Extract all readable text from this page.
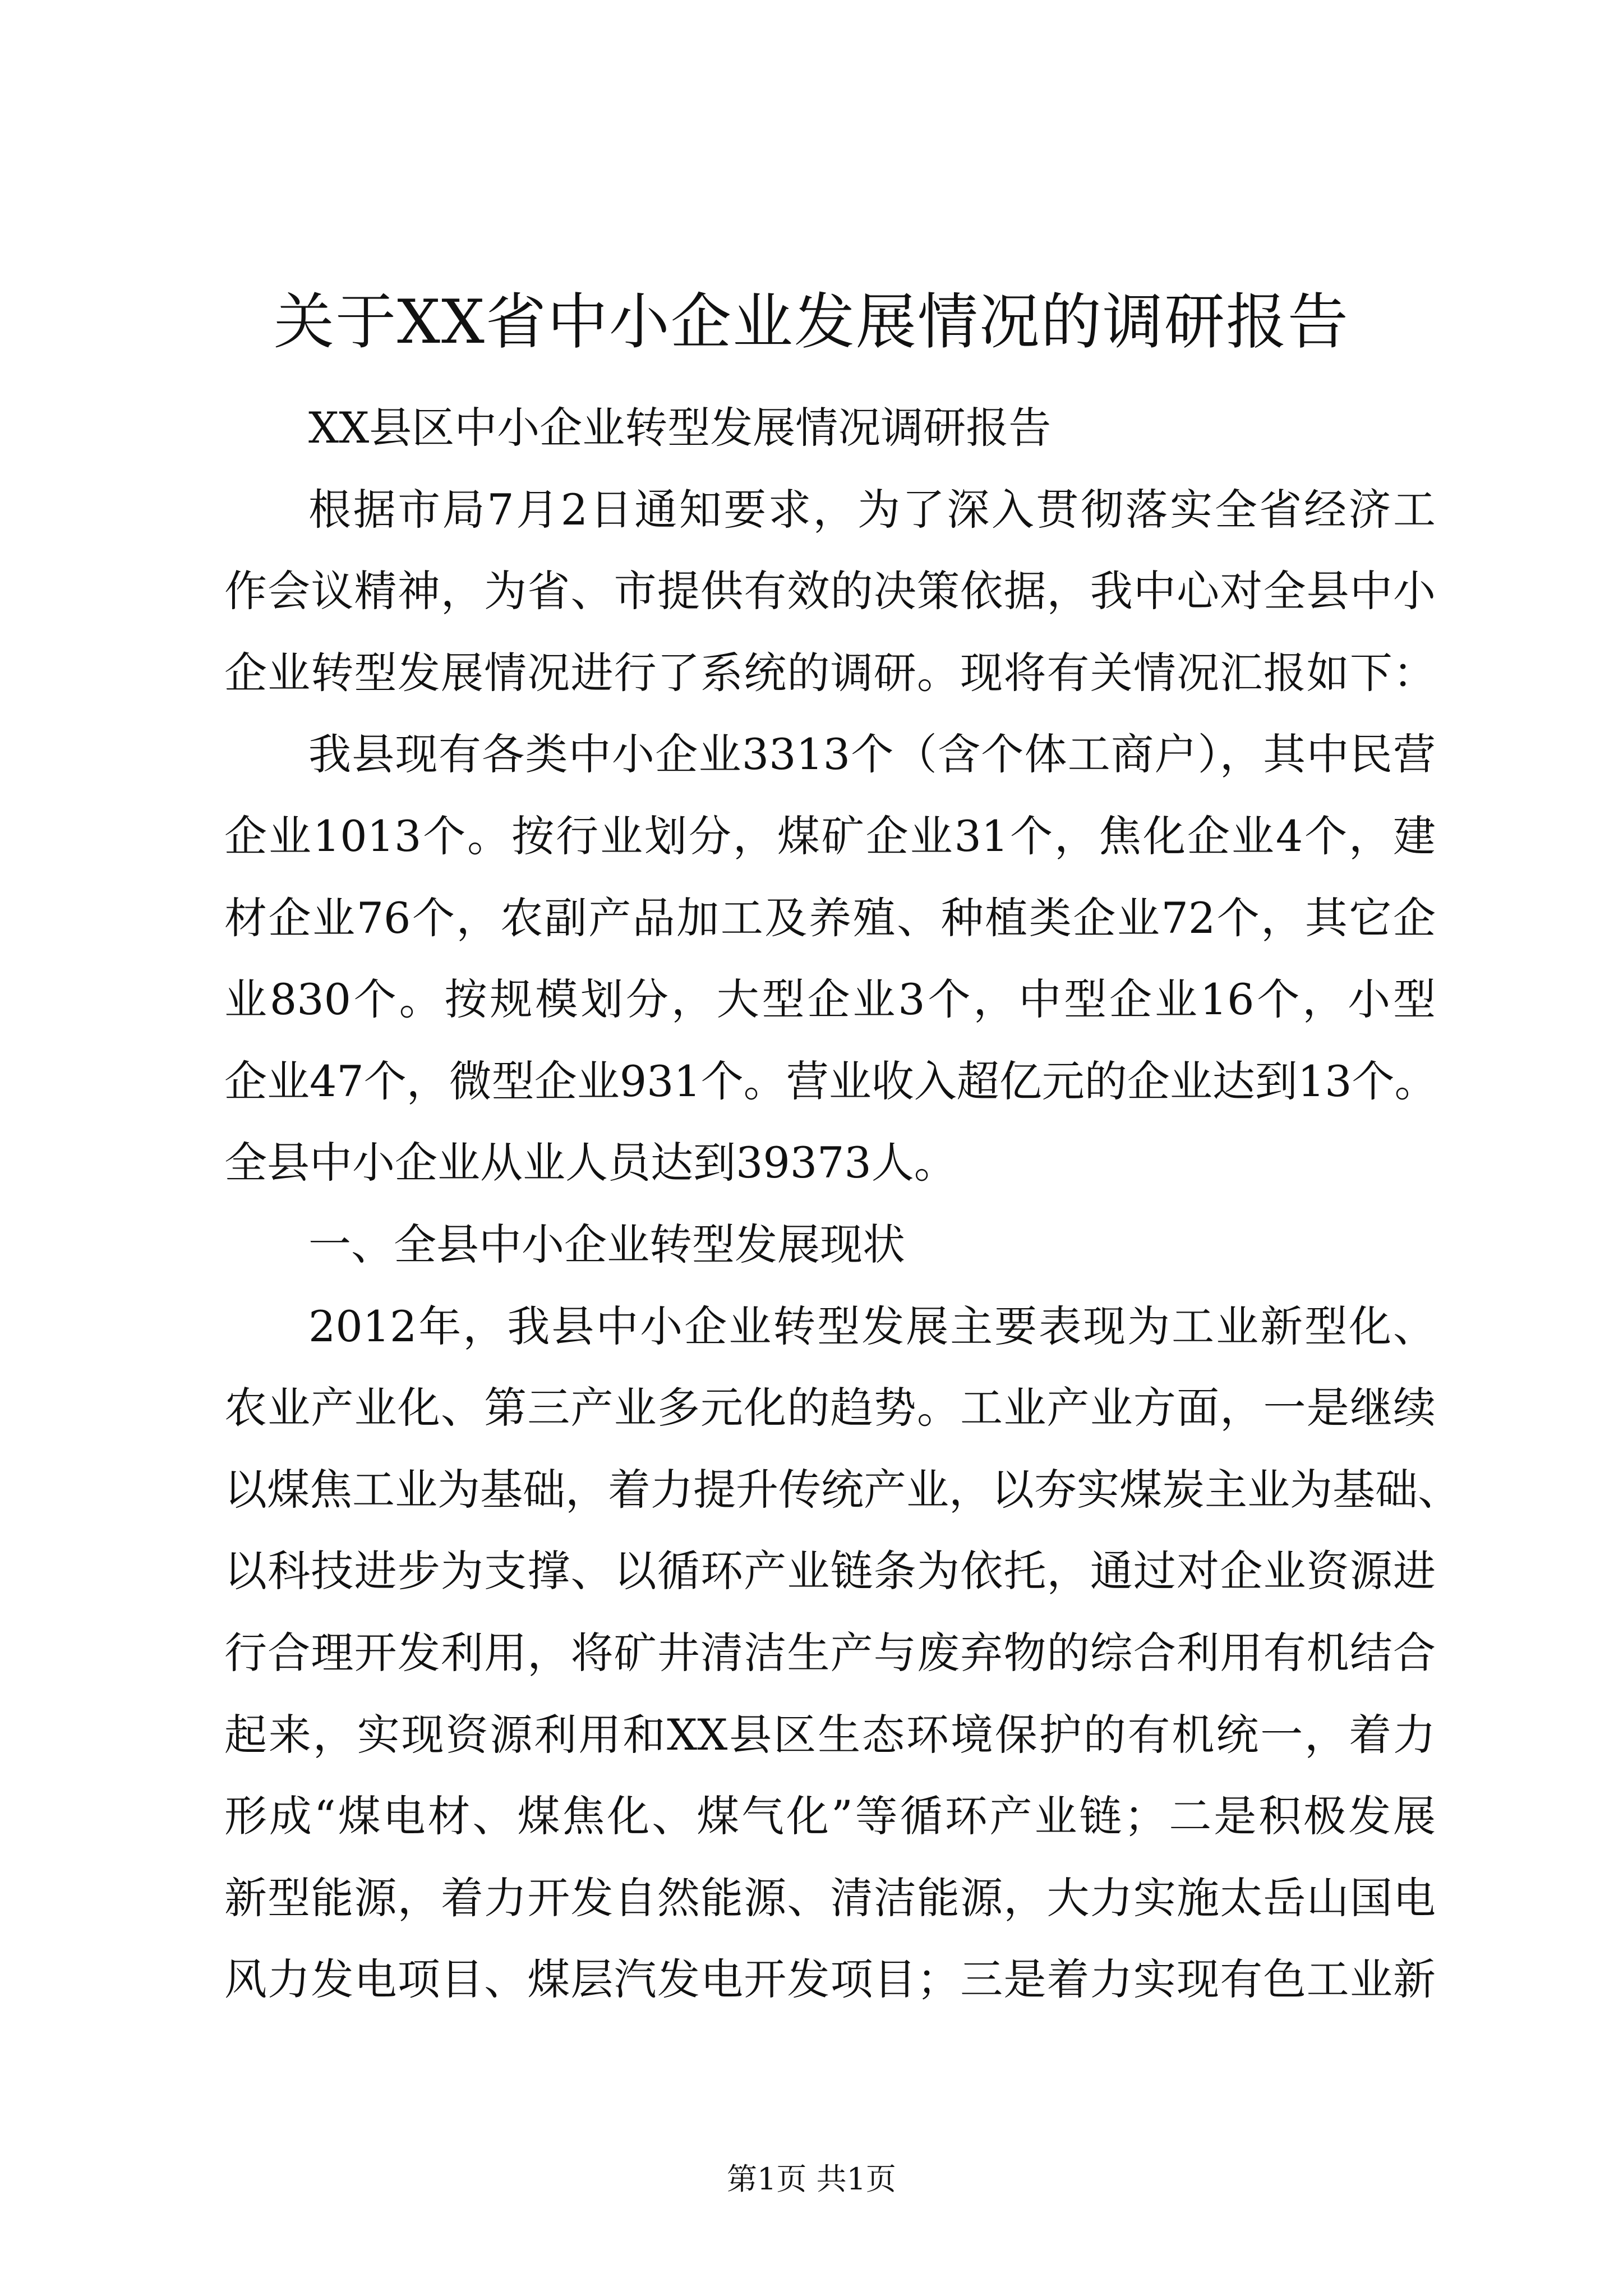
关于XX省中小企业发展情况的调研报告
XX县区中小企业转型发展情况调研报告
根据市局7月2日通知要求，为了深入贯彻落实全省经济工
作会议精神，为省、市提供有效的决策依据，我中心对全县中小
企业转型发展情况进行了系统的调研。现将有关情况汇报如下：
我县现有各类中小企业3313个（含个体工商户），其中民营
企业1013个。按行业划分，煤矿企业31个，焦化企业4个，建
材企业76个，农副产品加工及养殖、种植类企业72个，其它企
业830个。按规模划分，大型企业3个，中型企业16个，小型
企业47个，微型企业931个。营业收入超亿元的企业达到13个。
全县中小企业从业人员达到39373人。
一、全县中小企业转型发展现状
2012年，我县中小企业转型发展主要表现为工业新型化、
农业产业化、第三产业多元化的趋势。工业产业方面，一是继续
以煤焦工业为基础，着力提升传统产业，以夯实煤炭主业为基础、
以科技进步为支撑、以循环产业链条为依托，通过对企业资源进
行合理开发利用，将矿井清洁生产与废弃物的综合利用有机结合
起来，实现资源利用和XX县区生态环境保护的有机统一，着力
形成“煤电材、煤焦化、煤气化”等循环产业链；二是积极发展
新型能源，着力开发自然能源、清洁能源，大力实施太岳山国电
风力发电项目、煤层汽发电开发项目；三是着力实现有色工业新
第1页 共1页
